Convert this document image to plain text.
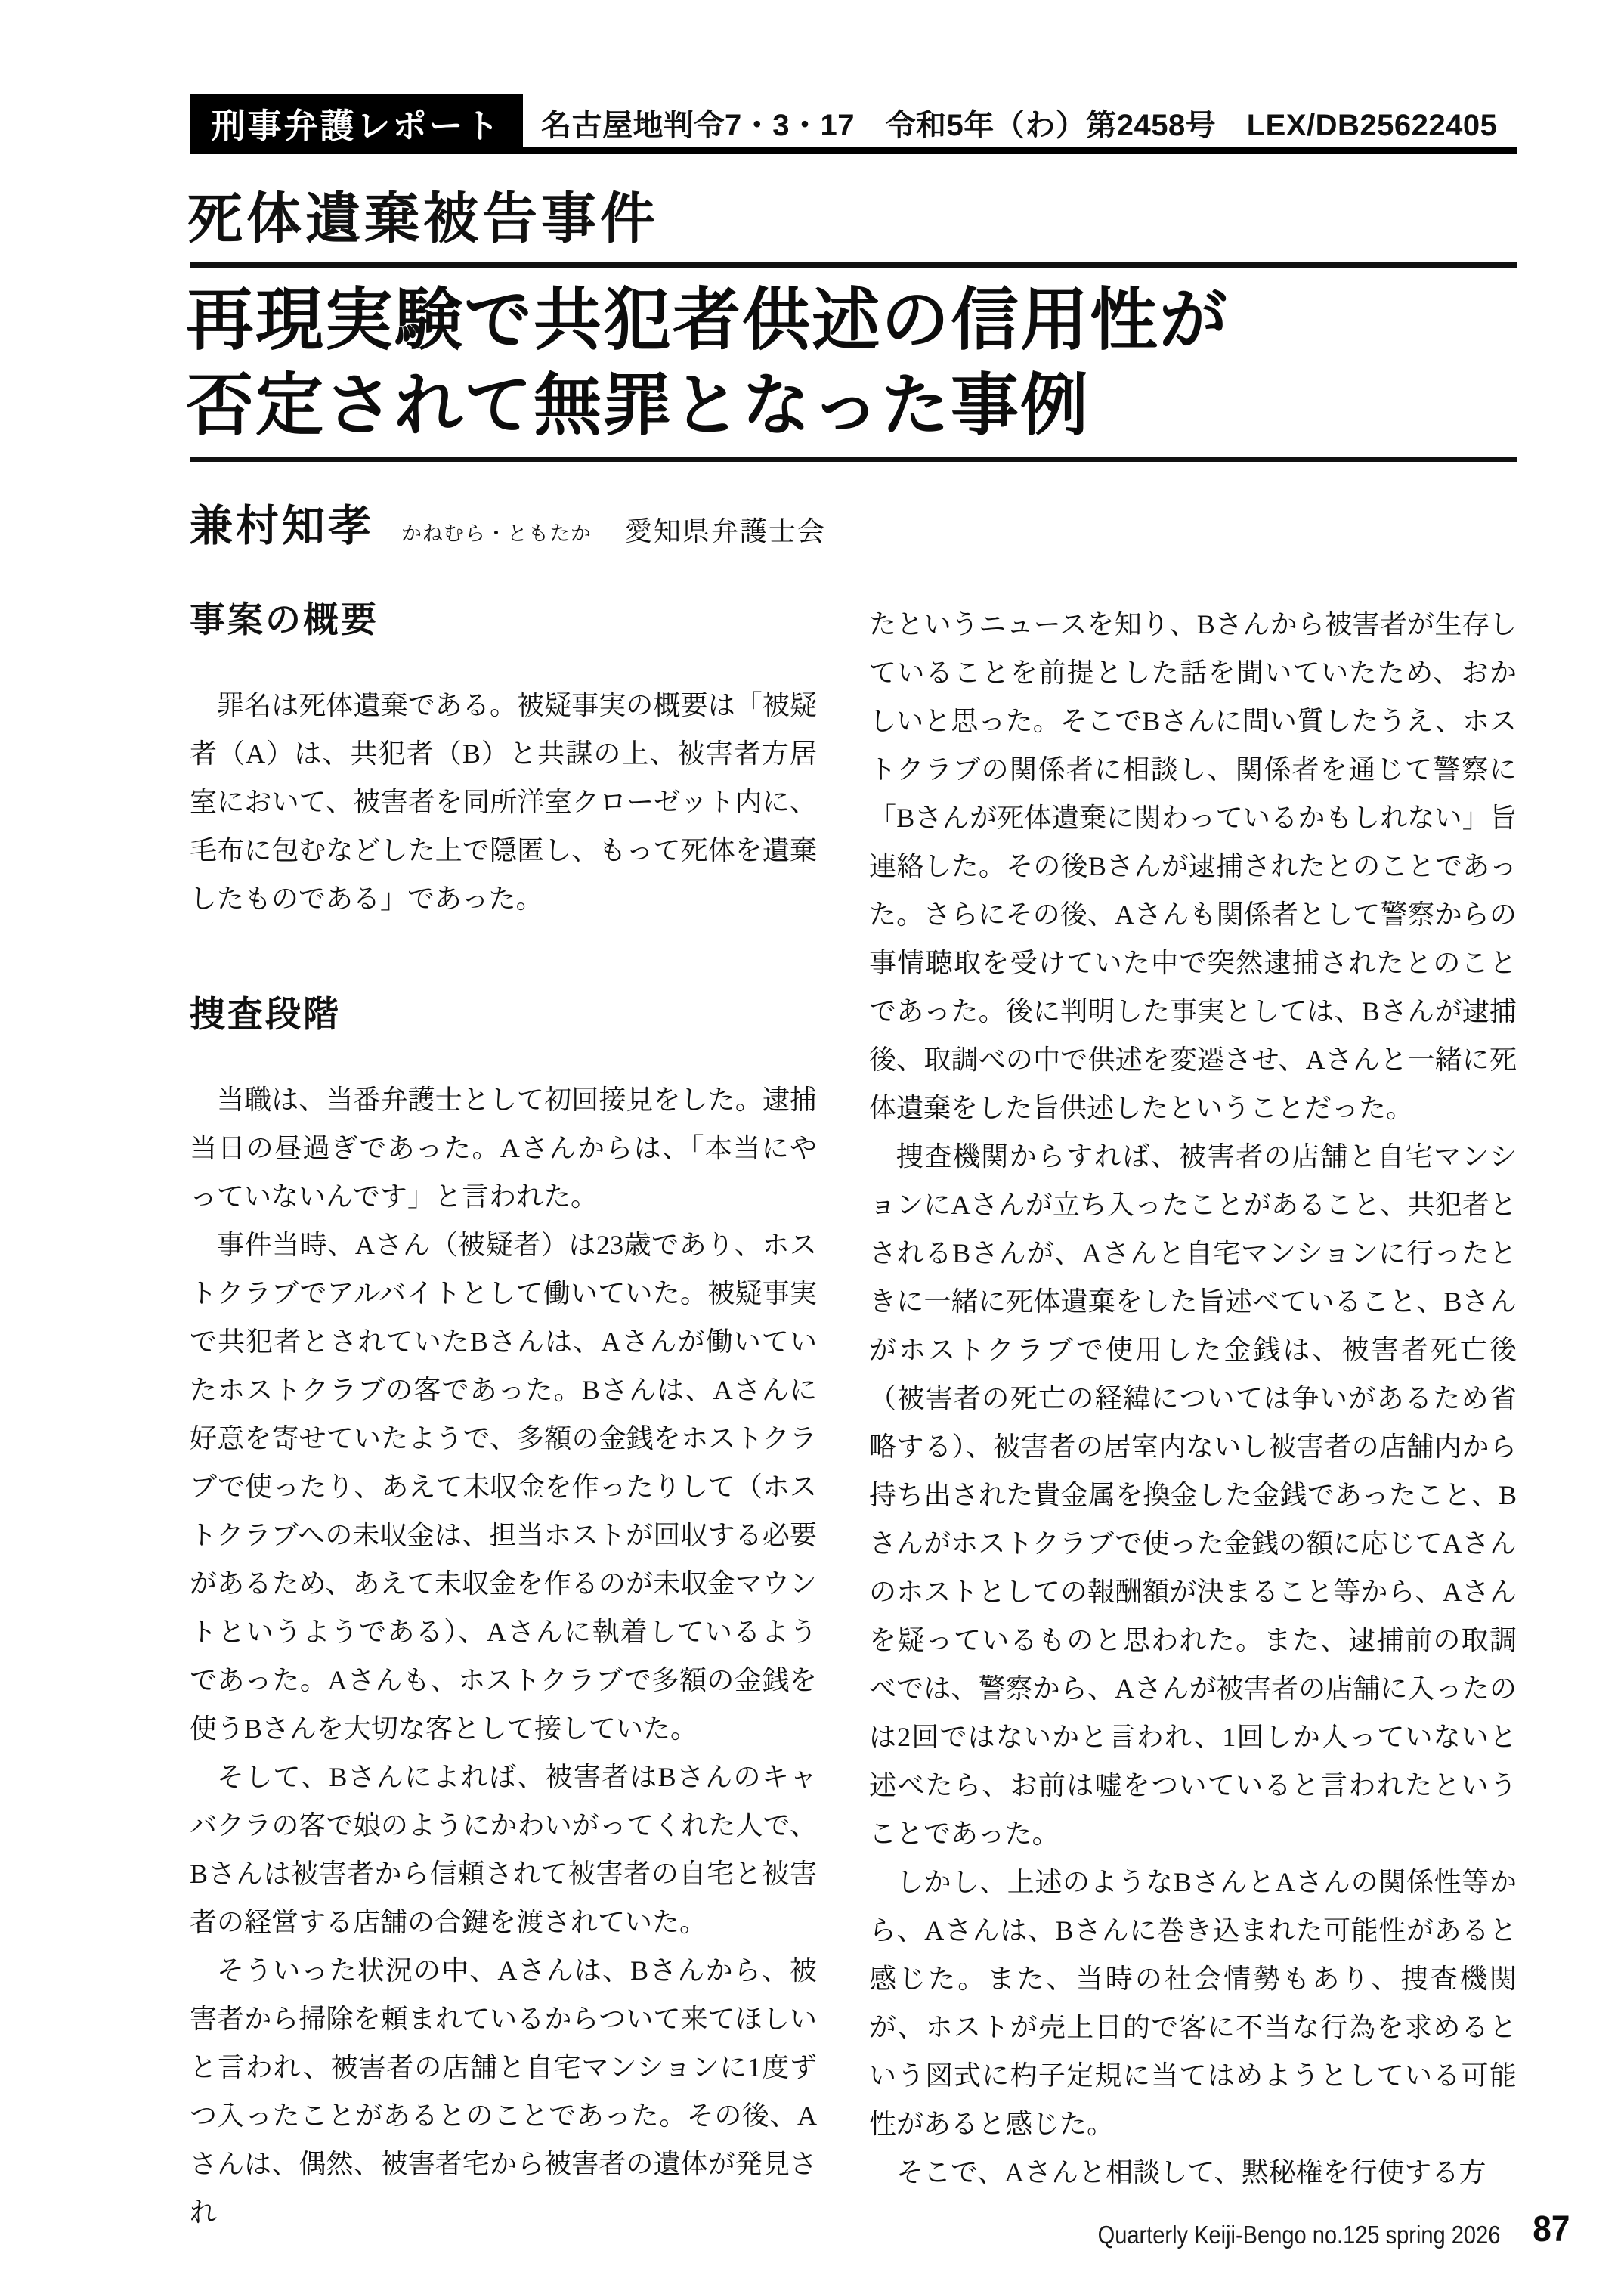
刑事弁護レポート 名古屋地判令7・3・17　令和5年（わ）第2458号　LEX/DB25622405
死体遺棄被告事件
再現実験で共犯者供述の信用性が
否定されて無罪となった事例
兼村知孝 かねむら・ともたか 愛知県弁護士会
事案の概要

罪名は死体遺棄である。被疑事実の概要は「被疑者（A）は、共犯者（B）と共謀の上、被害者方居室において、被害者を同所洋室クローゼット内に、毛布に包むなどした上で隠匿し、もって死体を遺棄したものである」であった。

捜査段階

当職は、当番弁護士として初回接見をした。逮捕当日の昼過ぎであった。Aさんからは、「本当にやっていないんです」と言われた。

事件当時、Aさん（被疑者）は23歳であり、ホストクラブでアルバイトとして働いていた。被疑事実で共犯者とされていたBさんは、Aさんが働いていたホストクラブの客であった。Bさんは、Aさんに好意を寄せていたようで、多額の金銭をホストクラブで使ったり、あえて未収金を作ったりして（ホストクラブへの未収金は、担当ホストが回収する必要があるため、あえて未収金を作るのが未収金マウントというようである）、Aさんに執着しているようであった。Aさんも、ホストクラブで多額の金銭を使うBさんを大切な客として接していた。

そして、Bさんによれば、被害者はBさんのキャバクラの客で娘のようにかわいがってくれた人で、Bさんは被害者から信頼されて被害者の自宅と被害者の経営する店舗の合鍵を渡されていた。

そういった状況の中、Aさんは、Bさんから、被害者から掃除を頼まれているからついて来てほしいと言われ、被害者の店舗と自宅マンションに1度ずつ入ったことがあるとのことであった。その後、Aさんは、偶然、被害者宅から被害者の遺体が発見され

たというニュースを知り、Bさんから被害者が生存していることを前提とした話を聞いていたため、おかしいと思った。そこでBさんに問い質したうえ、ホストクラブの関係者に相談し、関係者を通じて警察に「Bさんが死体遺棄に関わっているかもしれない」旨連絡した。その後Bさんが逮捕されたとのことであった。さらにその後、Aさんも関係者として警察からの事情聴取を受けていた中で突然逮捕されたとのことであった。後に判明した事実としては、Bさんが逮捕後、取調べの中で供述を変遷させ、Aさんと一緒に死体遺棄をした旨供述したということだった。

捜査機関からすれば、被害者の店舗と自宅マンションにAさんが立ち入ったことがあること、共犯者とされるBさんが、Aさんと自宅マンションに行ったときに一緒に死体遺棄をした旨述べていること、Bさんがホストクラブで使用した金銭は、被害者死亡後（被害者の死亡の経緯については争いがあるため省略する）、被害者の居室内ないし被害者の店舗内から持ち出された貴金属を換金した金銭であったこと、Bさんがホストクラブで使った金銭の額に応じてAさんのホストとしての報酬額が決まること等から、Aさんを疑っているものと思われた。また、逮捕前の取調べでは、警察から、Aさんが被害者の店舗に入ったのは2回ではないかと言われ、1回しか入っていないと述べたら、お前は嘘をついていると言われたということであった。

しかし、上述のようなBさんとAさんの関係性等から、Aさんは、Bさんに巻き込まれた可能性があると感じた。また、当時の社会情勢もあり、捜査機関が、ホストが売上目的で客に不当な行為を求めるという図式に杓子定規に当てはめようとしている可能性があると感じた。

そこで、Aさんと相談して、黙秘権を行使する方

Quarterly Keiji-Bengo no.125 spring 2026 87
